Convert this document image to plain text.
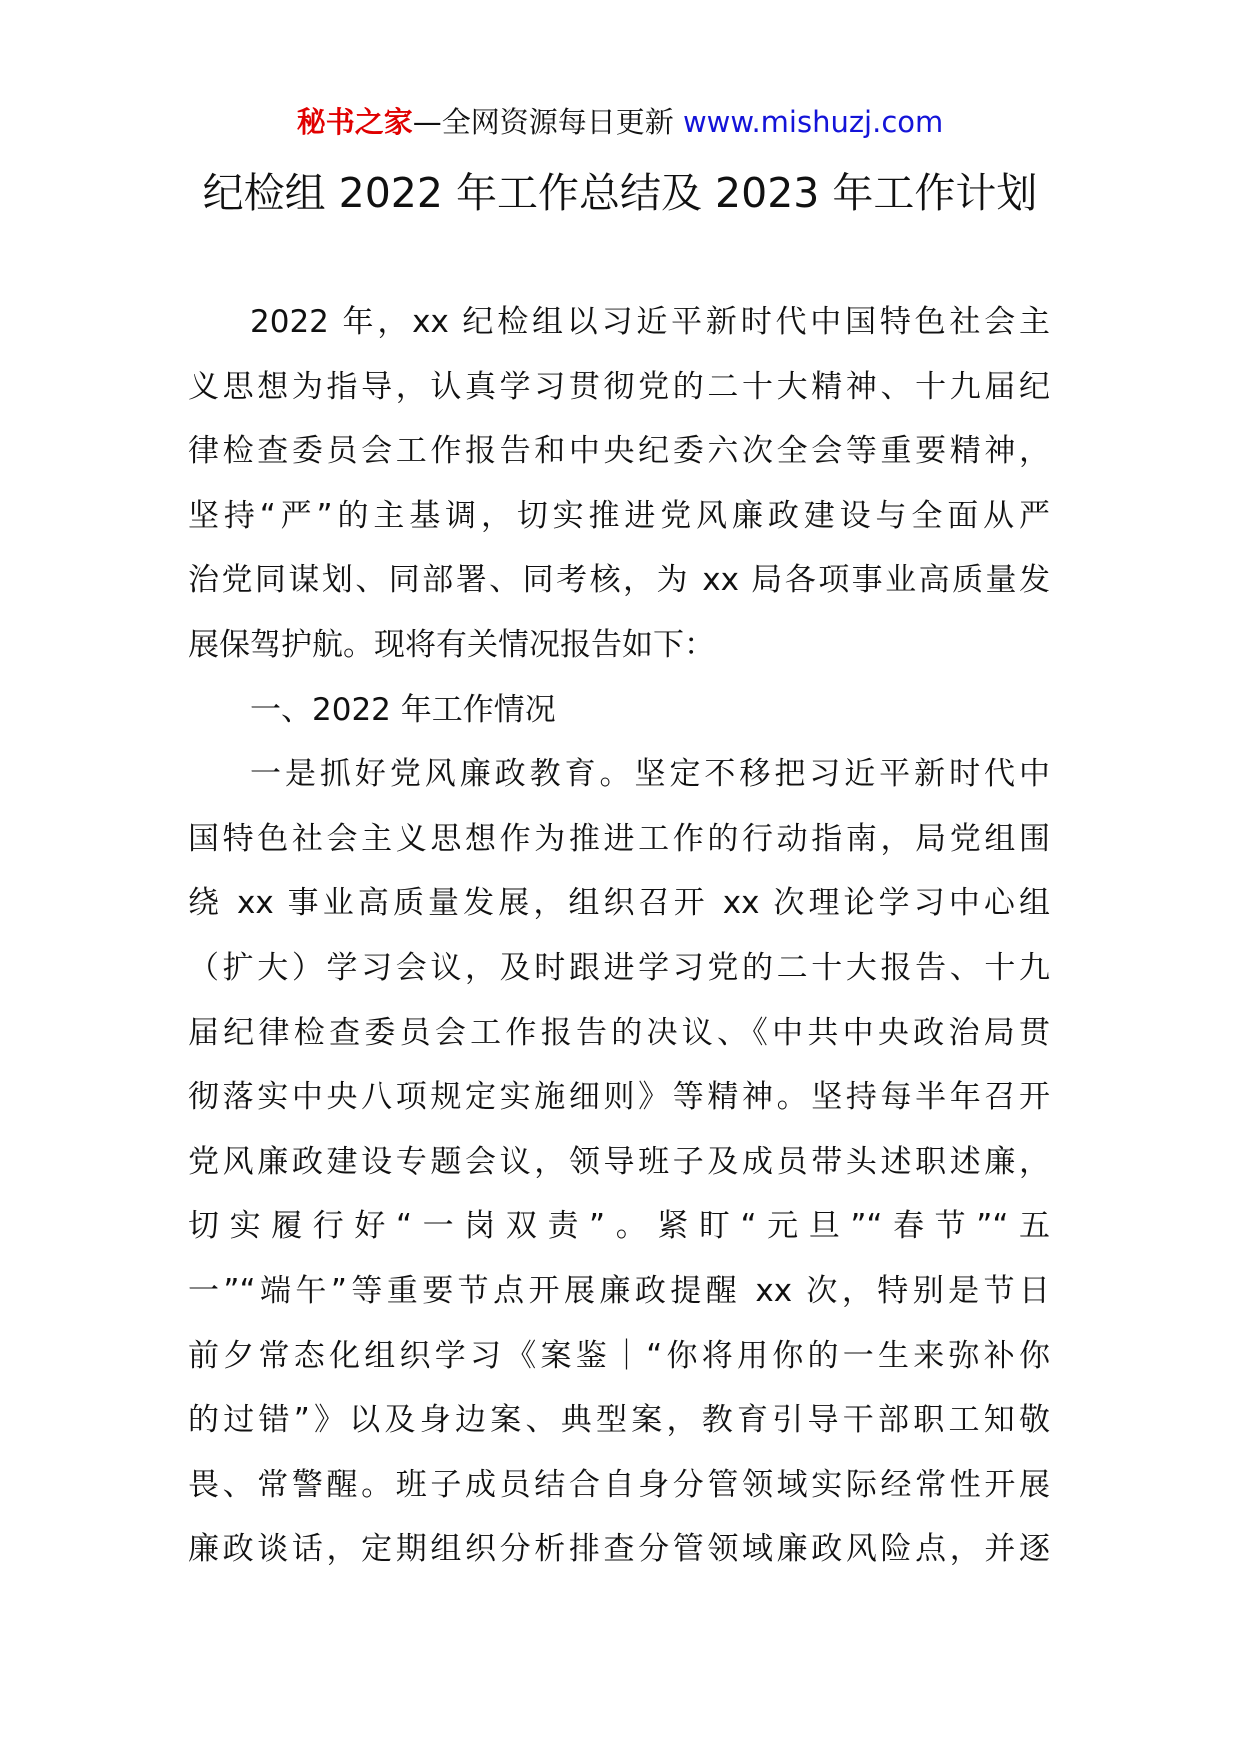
秘书之家—全网资源每日更新 www.mishuzj.com
纪检组 2022 年工作总结及 2023 年工作计划
2022 年，xx 纪检组以习近平新时代中国特色社会主
义思想为指导，认真学习贯彻党的二十大精神、十九届纪
律检查委员会工作报告和中央纪委六次全会等重要精神，
坚持“严”的主基调，切实推进党风廉政建设与全面从严
治党同谋划、同部署、同考核，为 xx 局各项事业高质量发
展保驾护航。现将有关情况报告如下：
一、2022 年工作情况
一是抓好党风廉政教育。坚定不移把习近平新时代中
国特色社会主义思想作为推进工作的行动指南，局党组围
绕 xx 事业高质量发展，组织召开 xx 次理论学习中心组
（扩大）学习会议，及时跟进学习党的二十大报告、十九
届纪律检查委员会工作报告的决议、《中共中央政治局贯
彻落实中央八项规定实施细则》等精神。坚持每半年召开
党风廉政建设专题会议，领导班子及成员带头述职述廉，
切实履行好“一岗双责”。紧盯“元旦”“春节”“五
一”“端午”等重要节点开展廉政提醒 xx 次，特别是节日
前夕常态化组织学习《案鉴｜“你将用你的一生来弥补你
的过错”》以及身边案、典型案，教育引导干部职工知敬
畏、常警醒。班子成员结合自身分管领域实际经常性开展
廉政谈话，定期组织分析排查分管领域廉政风险点，并逐
